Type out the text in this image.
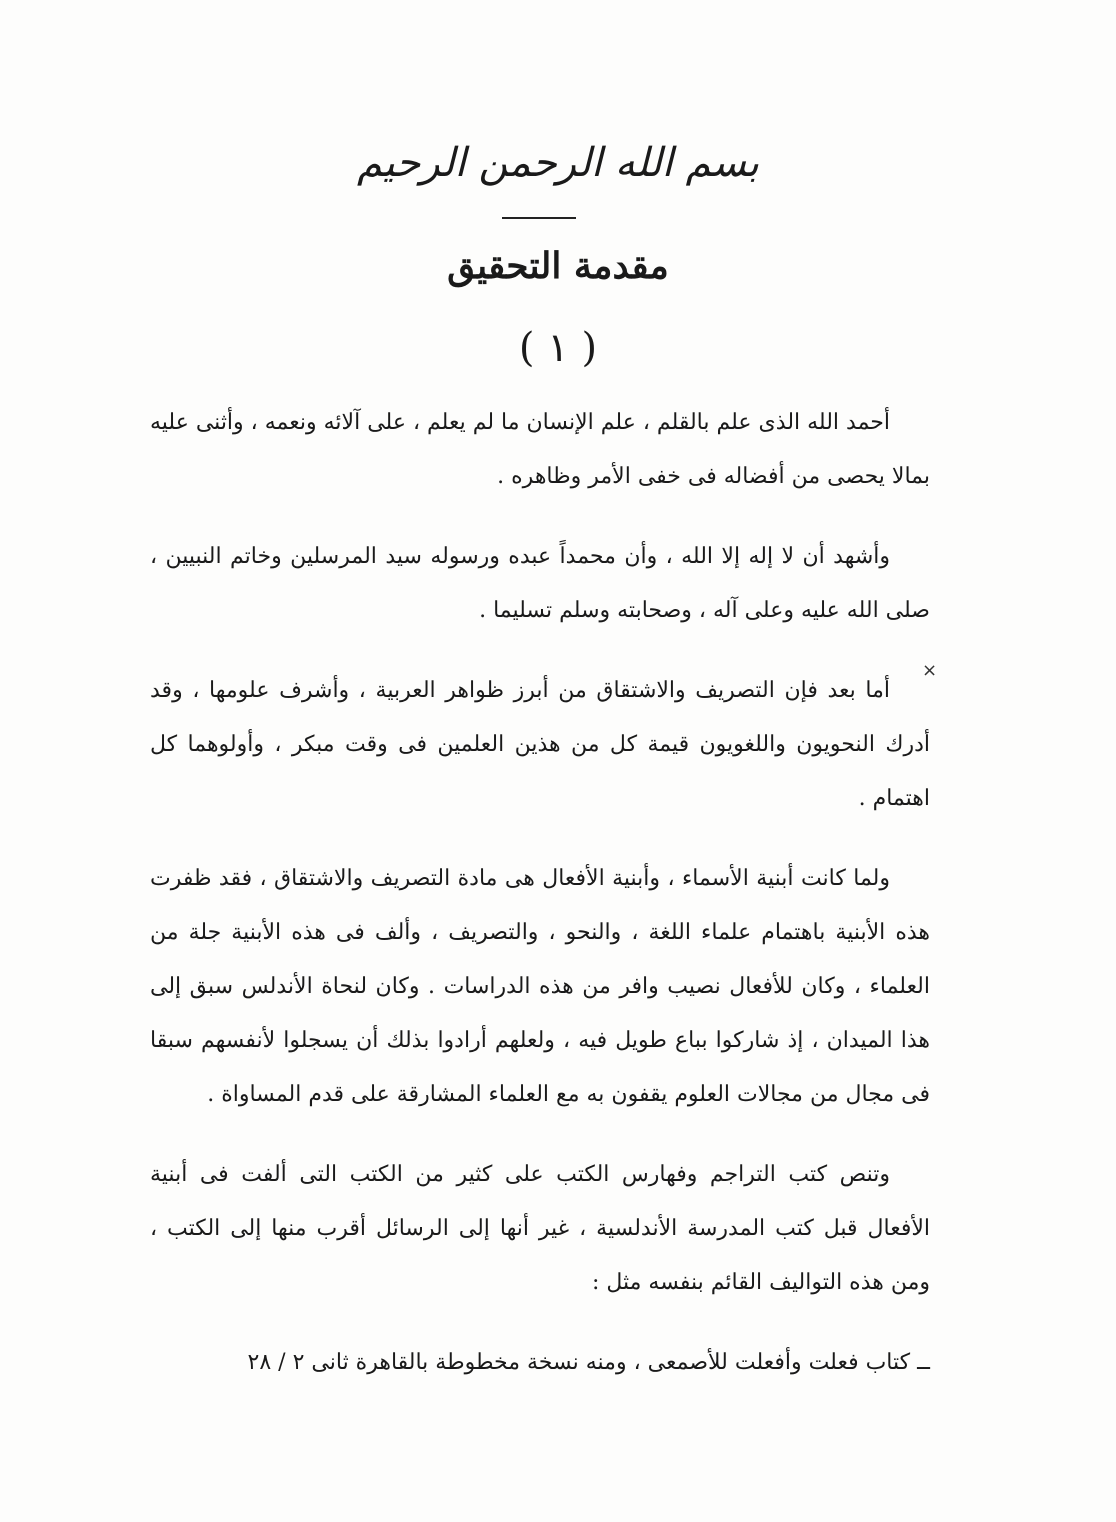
بسم الله الرحمن الرحيم
مقدمة التحقيق
( ١ )
×

أحمد الله الذى علم بالقلم ، علم الإنسان ما لم يعلم ، على آلائه ونعمه ، وأثنى عليه بمالا يحصى من أفضاله فى خفى الأمر وظاهره .

وأشهد أن لا إله إلا الله ، وأن محمداً عبده ورسوله سيد المرسلين وخاتم النبيين ، صلى الله عليه وعلى آله ، وصحابته وسلم تسليما .

أما بعد فإن التصريف والاشتقاق من أبرز ظواهر العربية ، وأشرف علومها ، وقد أدرك النحويون واللغويون قيمة كل من هذين العلمين فى وقت مبكر ، وأولوهما كل اهتمام .

ولما كانت أبنية الأسماء ، وأبنية الأفعال هى مادة التصريف والاشتقاق ، فقد ظفرت هذه الأبنية باهتمام علماء اللغة ، والنحو ، والتصريف ، وألف فى هذه الأبنية جلة من العلماء ، وكان للأفعال نصيب وافر من هذه الدراسات . وكان لنحاة الأندلس سبق إلى هذا الميدان ، إذ شاركوا بباع طويل فيه ، ولعلهم أرادوا بذلك أن يسجلوا لأنفسهم سبقا فى مجال من مجالات العلوم يقفون به مع العلماء المشارقة على قدم المساواة .

وتنص كتب التراجم وفهارس الكتب على كثير من الكتب التى ألفت فى أبنية الأفعال قبل كتب المدرسة الأندلسية ، غير أنها إلى الرسائل أقرب منها إلى الكتب ، ومن هذه التواليف القائم بنفسه مثل :

ــ كتاب فعلت وأفعلت للأصمعى ، ومنه نسخة مخطوطة بالقاهرة ثانى ٢ / ٢٨
